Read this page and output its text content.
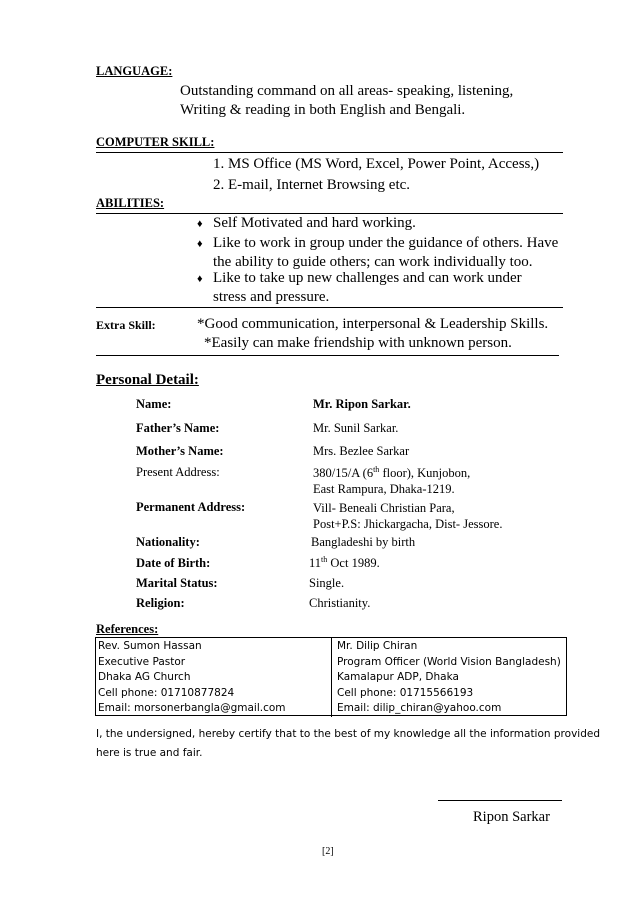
LANGUAGE:
Outstanding command on all areas- speaking, listening,
Writing & reading in both English and Bengali.
COMPUTER SKILL:
1. MS Office (MS Word, Excel, Power Point, Access,)
2. E-mail, Internet Browsing etc.
ABILITIES:
♦ Self Motivated and hard working.
♦ Like to work in group under the guidance of others. Have
the ability to guide others; can work individually too.
♦ Like to take up new challenges and can work under
stress and pressure.
Extra Skill:	*Good communication, interpersonal & Leadership Skills.
*Easily can make friendship with unknown person.
Personal Detail:
Name:	Mr. Ripon Sarkar.
Father’s Name:	Mr. Sunil Sarkar.
Mother’s Name:	Mrs. Bezlee Sarkar
Present Address:	380/15/A (6th floor), Kunjobon,
East Rampura, Dhaka-1219.
Permanent Address:	Vill- Beneali Christian Para,
Post+P.S: Jhickargacha, Dist- Jessore.
Nationality:	Bangladeshi by birth
Date of Birth:	11th Oct 1989.
Marital Status:	Single.
Religion:	Christianity.
References:
Rev. Sumon Hassan
Executive Pastor
Dhaka AG Church
Cell phone: 01710877824
Email: morsonerbangla@gmail.com
Mr. Dilip Chiran
Program Officer (World Vision Bangladesh)
Kamalapur ADP, Dhaka
Cell phone: 01715566193
Email: dilip_chiran@yahoo.com
I, the undersigned, hereby certify that to the best of my knowledge all the information provided
here is true and fair.
Ripon Sarkar
[2]
